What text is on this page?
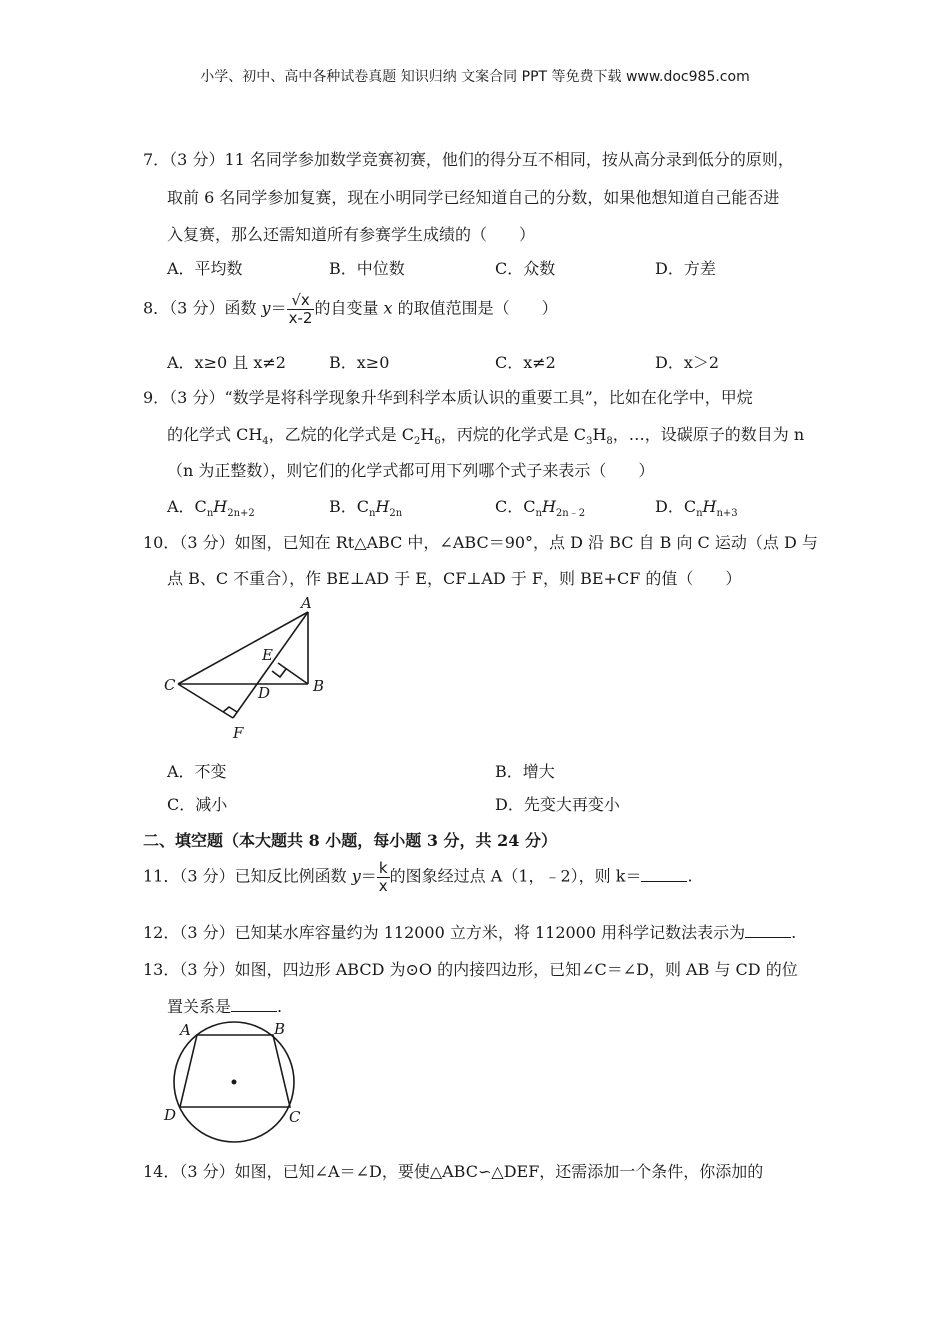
小学、初中、高中各种试卷真题 知识归纳 文案合同 PPT 等免费下载 www.doc985.com
7．（3 分）11 名同学参加数学竞赛初赛，他们的得分互不相同，按从高分录到低分的原则，
取前 6 名同学参加复赛，现在小明同学已经知道自己的分数，如果他想知道自己能否进
入复赛，那么还需知道所有参赛学生成绩的（　　）
A．平均数	B．中位数	C．众数	D．方差
8．（3 分）函数 $y= \frac{√x}{x-2}$ 的自变量 x 的取值范围是（　　）
A．x≥0 且 x≠2	B．x≥0	C．x≠2	D．x＞2
9．（3 分）“数学是将科学现象升华到科学本质认识的重要工具”，比如在化学中，甲烷
的化学式 $CH_4$，乙烷的化学式是 $C_2H_6$，丙烷的化学式是 $C_3H_8$，…，设碳原子的数目为 n
（n 为正整数），则它们的化学式都可用下列哪个式子来表示（　　）
A．$C_nH_{2n+2}$	B．$C_nH_{2n}$	C．$C_nH_{2n﹣2}$	D．$C_nH_{n+3}$
10．（3 分）如图，已知在 Rt△ABC 中，∠ABC＝90°，点 D 沿 BC 自 B 向 C 运动（点 D 与
点 B、C 不重合），作 BE⊥AD 于 E，CF⊥AD 于 F，则 BE+CF 的值（　　）
A
B
C	D
E
F
A．不变	B．增大
C．减小	D．先变大再变小
二、填空题（本大题共 8 小题，每小题 3 分，共 24 分）
11．（3 分）已知反比例函数 $y= \frac{k}{x}$ 的图象经过点 A（1，﹣2），则 k＝	.
12．（3 分）已知某水库容量约为 112000 立方米，将 112000 用科学记数法表示为	.
13．（3 分）如图，四边形 ABCD 为⊙O 的内接四边形，已知∠C＝∠D，则 AB 与 CD 的位
置关系是	.
A	B
C
D
14．（3 分）如图，已知∠A＝∠D，要使△ABC∽△DEF，还需添加一个条件，你添加的
